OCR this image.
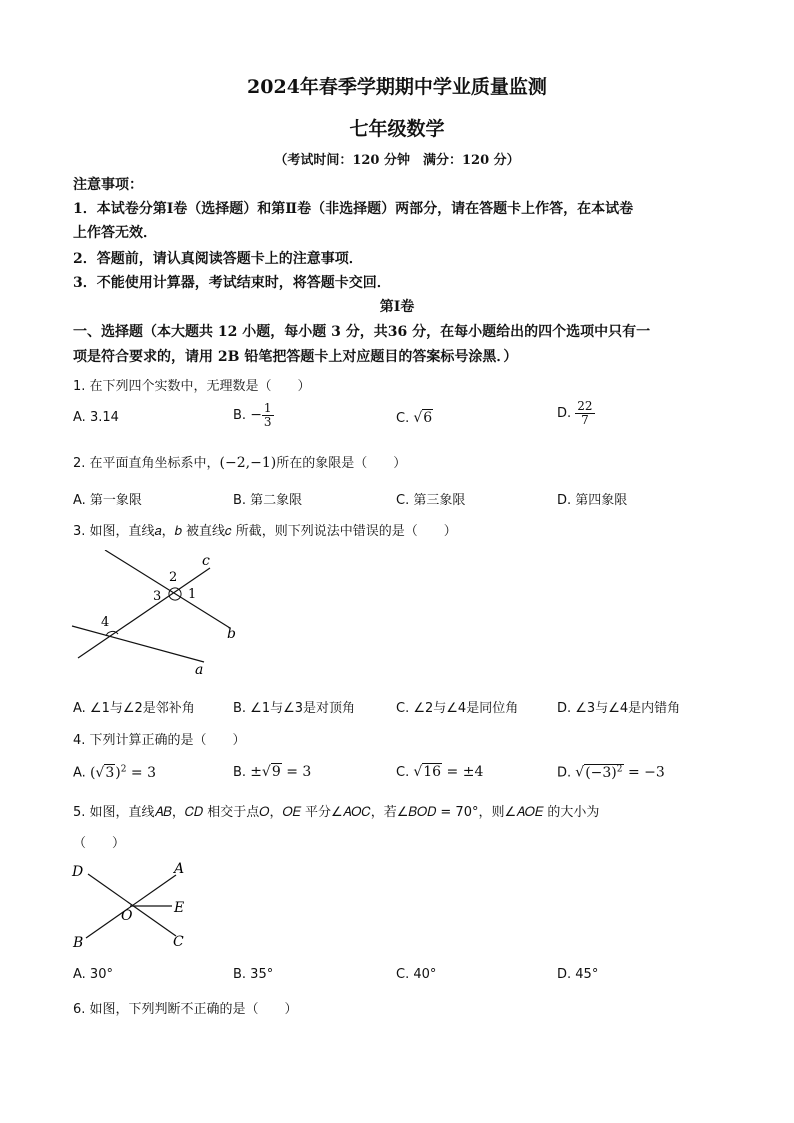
2024年春季学期期中学业质量监测
七年级数学
（考试时间：120 分钟　满分：120 分）
注意事项：
1．本试卷分第Ⅰ卷（选择题）和第Ⅱ卷（非选择题）两部分，请在答题卡上作答，在本试卷
上作答无效．
2．答题前，请认真阅读答题卡上的注意事项．
3．不能使用计算器，考试结束时，将答题卡交回．
第Ⅰ卷
一、选择题（本大题共 12 小题，每小题 3 分，共36 分，在每小题给出的四个选项中只有一
项是符合要求的，请用 2B 铅笔把答题卡上对应题目的答案标号涂黑．）
1. 在下列四个实数中，无理数是（　　）
A. 3.14	B. − $\frac{1}{3}$	C. √6	D. $\frac{22}{7}$
2. 在平面直角坐标系中，(−2,−1)所在的象限是（　　）
A. 第一象限	B. 第二象限	C. 第三象限	D. 第四象限
3. 如图，直线𝑎，𝑏 被直线𝑐 所截，则下列说法中错误的是（　　）
c
b
a
2
3 1
4
A. ∠1与∠2是邻补角	B. ∠1与∠3是对顶角	C. ∠2与∠4是同位角	D. ∠3与∠4是内错角
4. 下列计算正确的是（　　）
A. $(√3)^2 = 3$	B. ±√9 = 3	C. √16 = ±4	D. $√(-3)^2 = -3$
5. 如图，直线𝐴𝐵，𝐶𝐷 相交于点𝑂，𝑂𝐸 平分∠𝐴𝑂𝐶，若∠𝐵𝑂𝐷 = 70°，则∠𝐴𝑂𝐸 的大小为
（　　）
D	A
E
O
B	C
A. 30°	B. 35°	C. 40°	D. 45°
6. 如图，下列判断不正确的是（　　）
